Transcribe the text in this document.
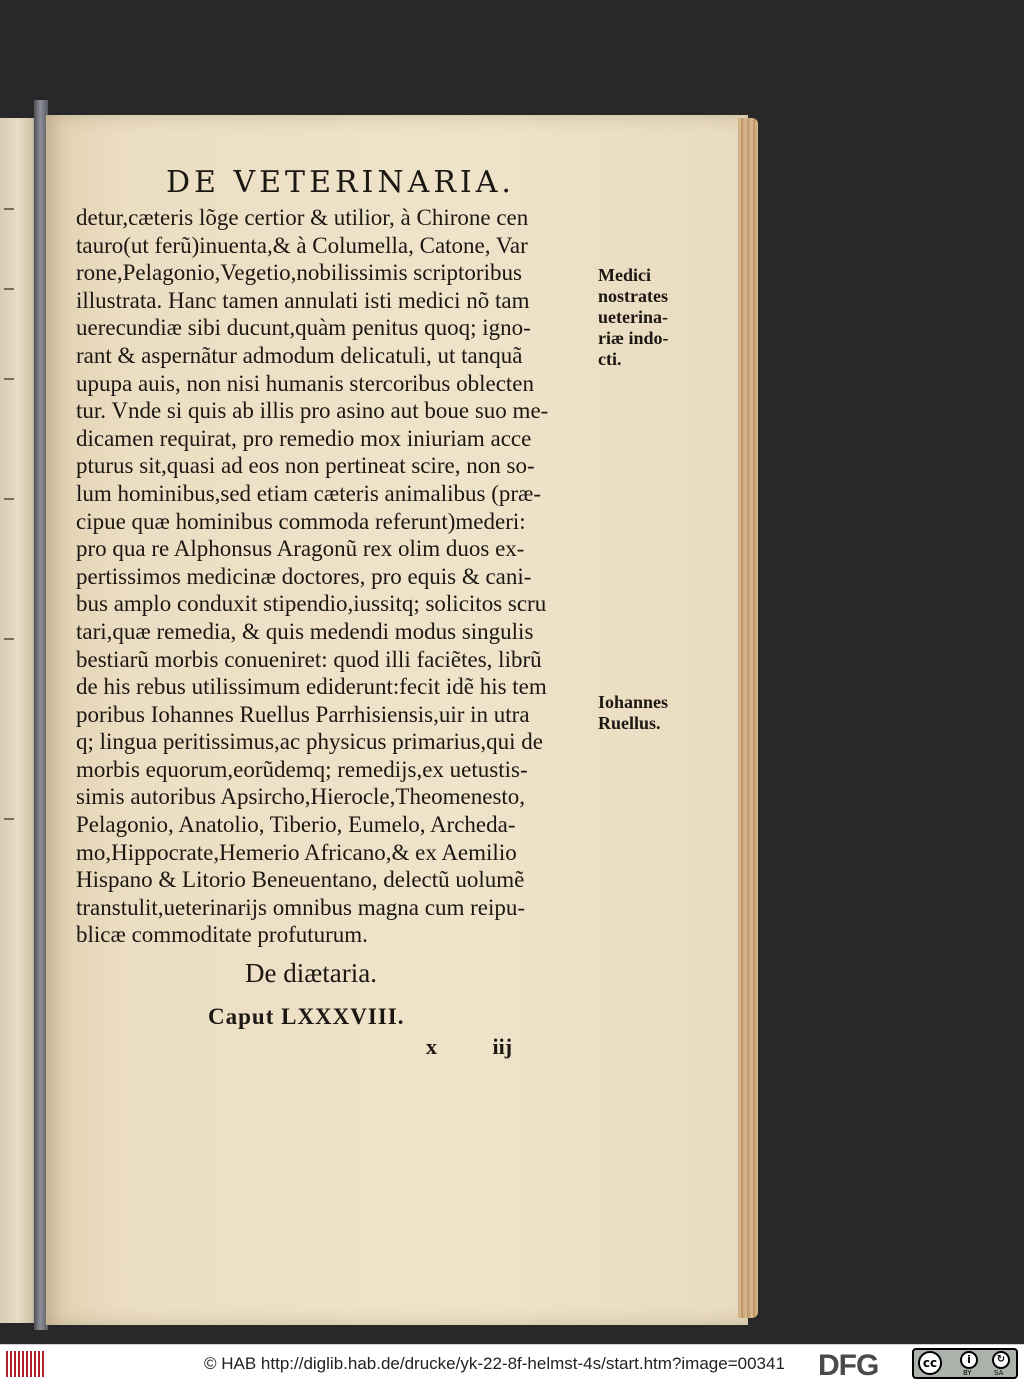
DE VETERINARIA.
detur,cæteris lõge certior & utilior, à Chirone cen
tauro(ut ferũ)inuenta,& à Columella, Catone, Var
rone,Pelagonio,Vegetio,nobilissimis scriptoribus
illustrata. Hanc tamen annulati isti medici nõ tam
uerecundiæ sibi ducunt,quàm penitus quoq; igno-
rant & aspernãtur admodum delicatuli, ut tanquã
upupa auis, non nisi humanis stercoribus oblecten
tur. Vnde si quis ab illis pro asino aut boue suo me-
dicamen requirat, pro remedio mox iniuriam acce
pturus sit,quasi ad eos non pertineat scire, non so-
lum hominibus,sed etiam cæteris animalibus (præ-
cipue quæ hominibus commoda referunt)mederi:
pro qua re Alphonsus Aragonũ rex olim duos ex-
pertissimos medicinæ doctores, pro equis & cani-
bus amplo conduxit stipendio,iussitq; solicitos scru
tari,quæ remedia, & quis medendi modus singulis
bestiarũ morbis conueniret: quod illi faciẽtes, librũ
de his rebus utilissimum ediderunt:fecit idẽ his tem
poribus Iohannes Ruellus Parrhisiensis,uir in utra
q; lingua peritissimus,ac physicus primarius,qui de
morbis equorum,eorũdemq; remedijs,ex uetustis-
simis autoribus Apsircho,Hierocle,Theomenesto,
Pelagonio, Anatolio, Tiberio, Eumelo, Archeda-
mo,Hippocrate,Hemerio Africano,& ex Aemilio
Hispano & Litorio Beneuentano, delectũ uolumẽ
transtulit,ueterinarijs omnibus magna cum reipu-
blicæ commoditate profuturum.
Medici
nostrates
ueterina-
riæ indo-
cti.
Iohannes
Ruellus.
De diætaria.
Caput LXXXVIII.
x iij
© HAB http://diglib.hab.de/drucke/yk-22-8f-helmst-4s/start.htm?image=00341 DFG	cc	i	↻
BY	SA
